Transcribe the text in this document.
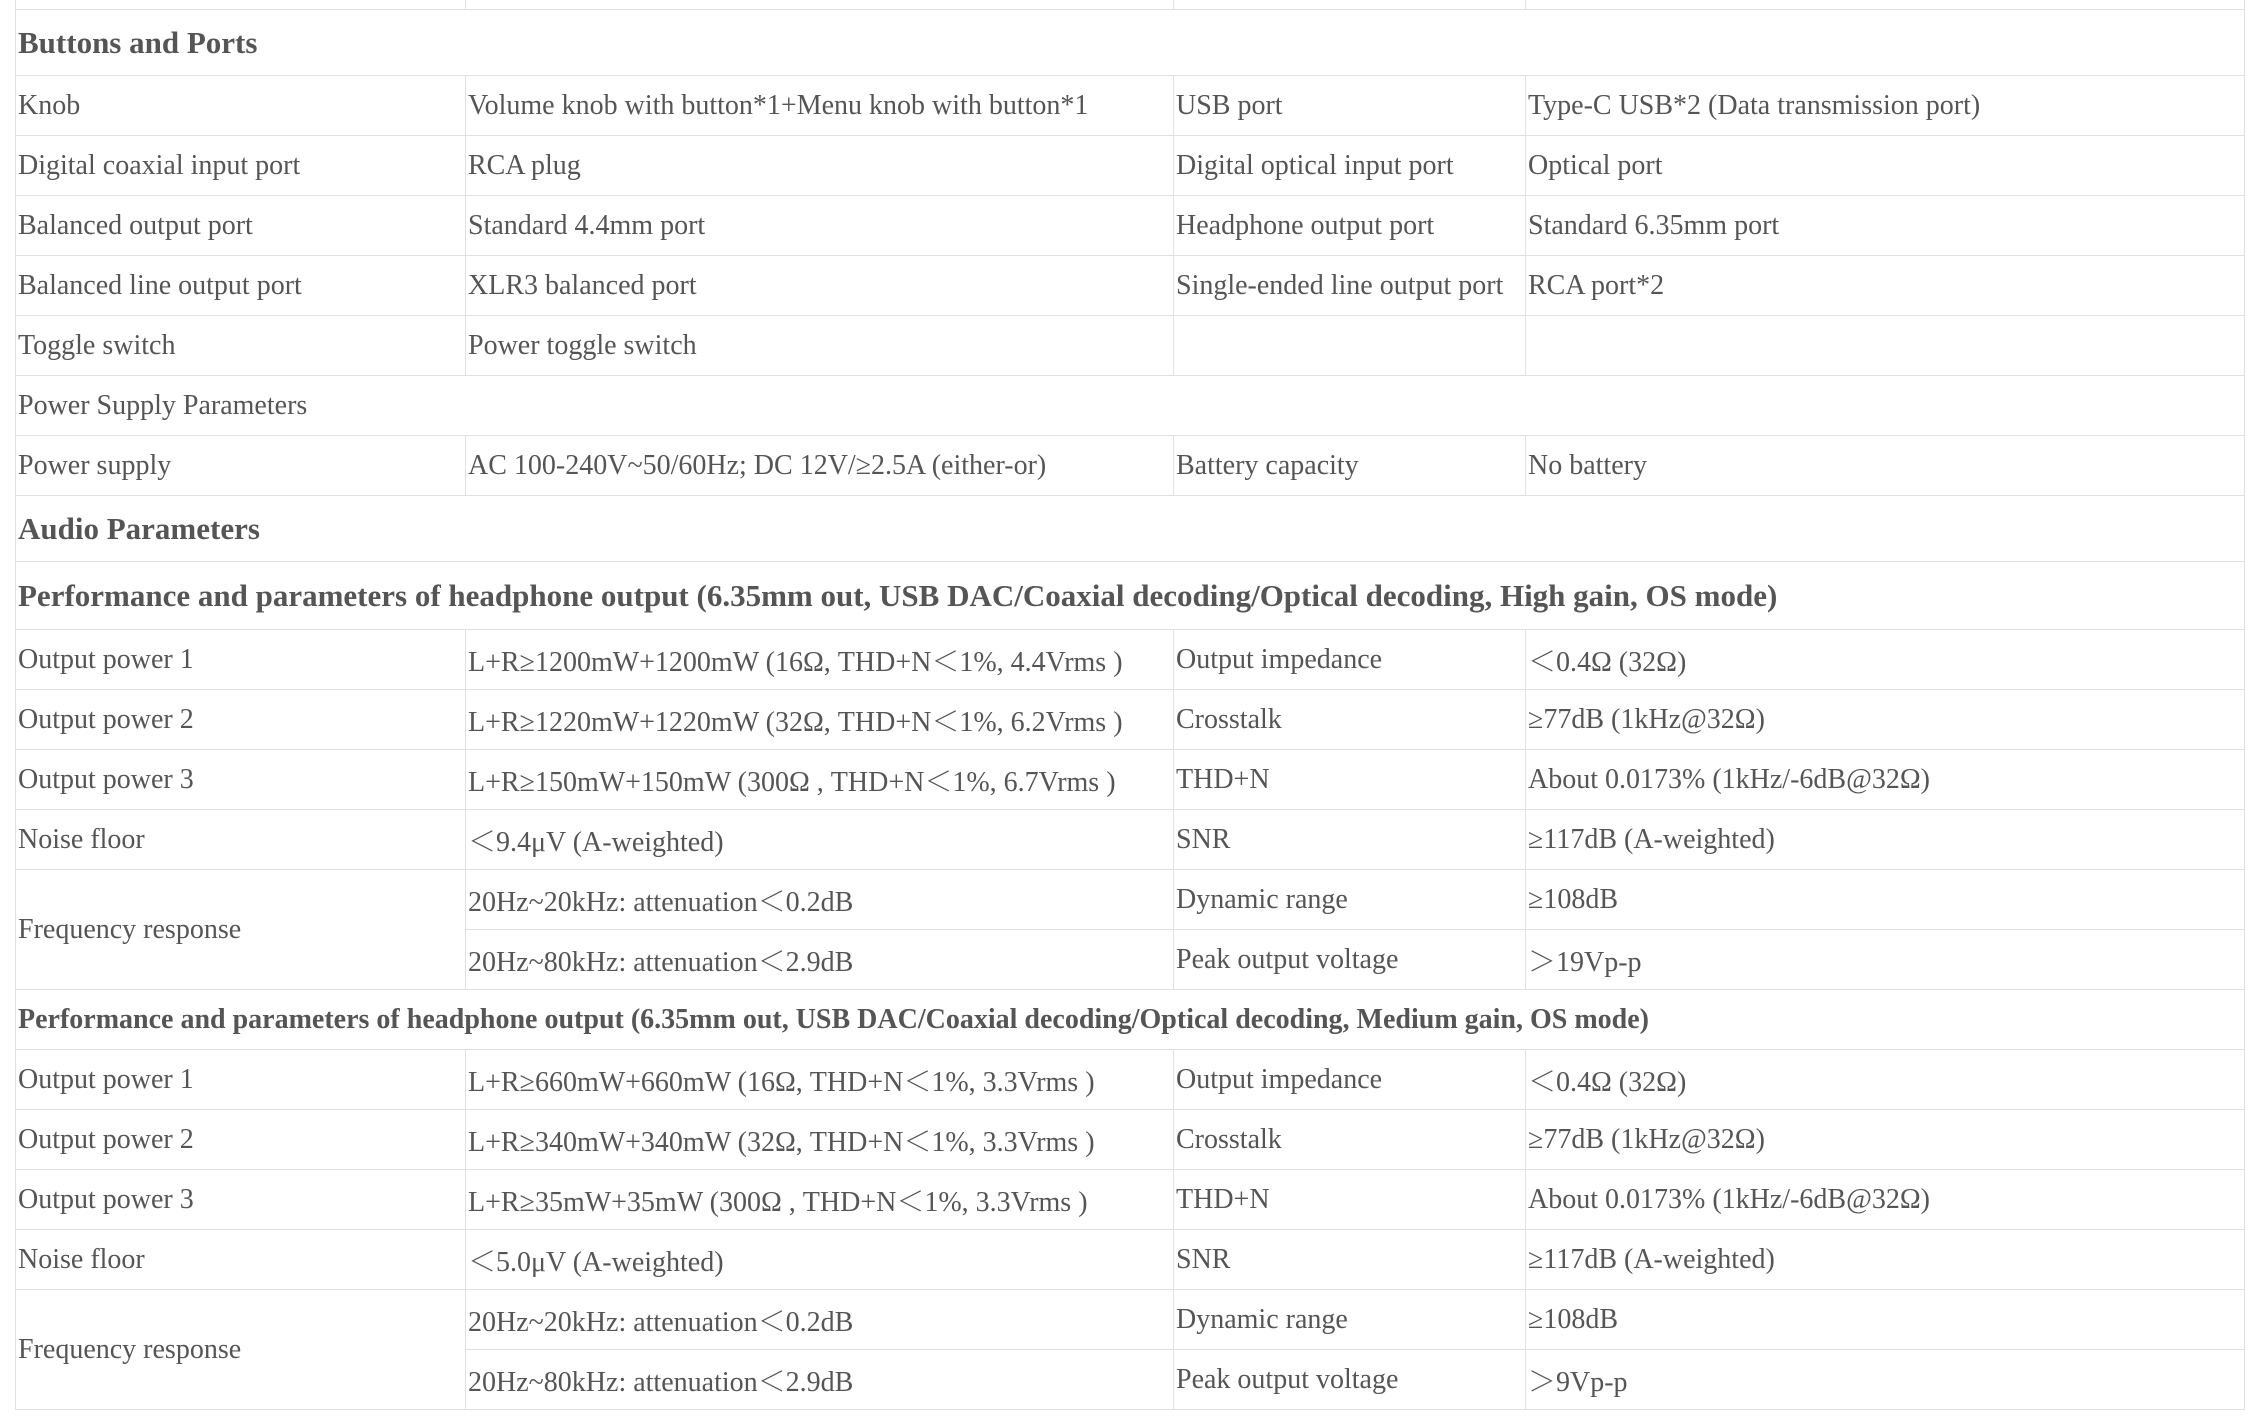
Buttons and Ports			
Knob	Volume knob with button*1+Menu knob with button*1	USB port	Type-C USB*2 (Data transmission port)
Digital coaxial input port	RCA plug	Digital optical input port	Optical port
Balanced output port	Standard 4.4mm port	Headphone output port	Standard 6.35mm port
Balanced line output port	XLR3 balanced port	Single-ended line output port	RCA port*2
Toggle switch	Power toggle switch		
Power Supply Parameters			
Power supply	AC 100-240V~50/60Hz; DC 12V/≥2.5A (either-or)	Battery capacity	No battery
Audio Parameters			
Performance and parameters of headphone output (6.35mm out, USB DAC/Coaxial decoding/Optical decoding, High gain, OS mode)			
Output power 1	L+R≥1200mW+1200mW (16Ω, THD+N＜1%, 4.4Vrms )	Output impedance	＜0.4Ω (32Ω)
Output power 2	L+R≥1220mW+1220mW (32Ω, THD+N＜1%, 6.2Vrms )	Crosstalk	≥77dB (1kHz@32Ω)
Output power 3	L+R≥150mW+150mW (300Ω , THD+N＜1%, 6.7Vrms )	THD+N	About 0.0173% (1kHz/-6dB@32Ω)
Noise floor	＜9.4μV (A-weighted)	SNR	≥117dB (A-weighted)
Frequency response	20Hz~20kHz: attenuation＜0.2dB	Dynamic range	≥108dB
	20Hz~80kHz: attenuation＜2.9dB	Peak output voltage	＞19Vp-p
Performance and parameters of headphone output (6.35mm out, USB DAC/Coaxial decoding/Optical decoding, Medium gain, OS mode)			
Output power 1	L+R≥660mW+660mW (16Ω, THD+N＜1%, 3.3Vrms )	Output impedance	＜0.4Ω (32Ω)
Output power 2	L+R≥340mW+340mW (32Ω, THD+N＜1%, 3.3Vrms )	Crosstalk	≥77dB (1kHz@32Ω)
Output power 3	L+R≥35mW+35mW (300Ω , THD+N＜1%, 3.3Vrms )	THD+N	About 0.0173% (1kHz/-6dB@32Ω)
Noise floor	＜5.0μV (A-weighted)	SNR	≥117dB (A-weighted)
Frequency response	20Hz~20kHz: attenuation＜0.2dB	Dynamic range	≥108dB
	20Hz~80kHz: attenuation＜2.9dB	Peak output voltage	＞9Vp-p
